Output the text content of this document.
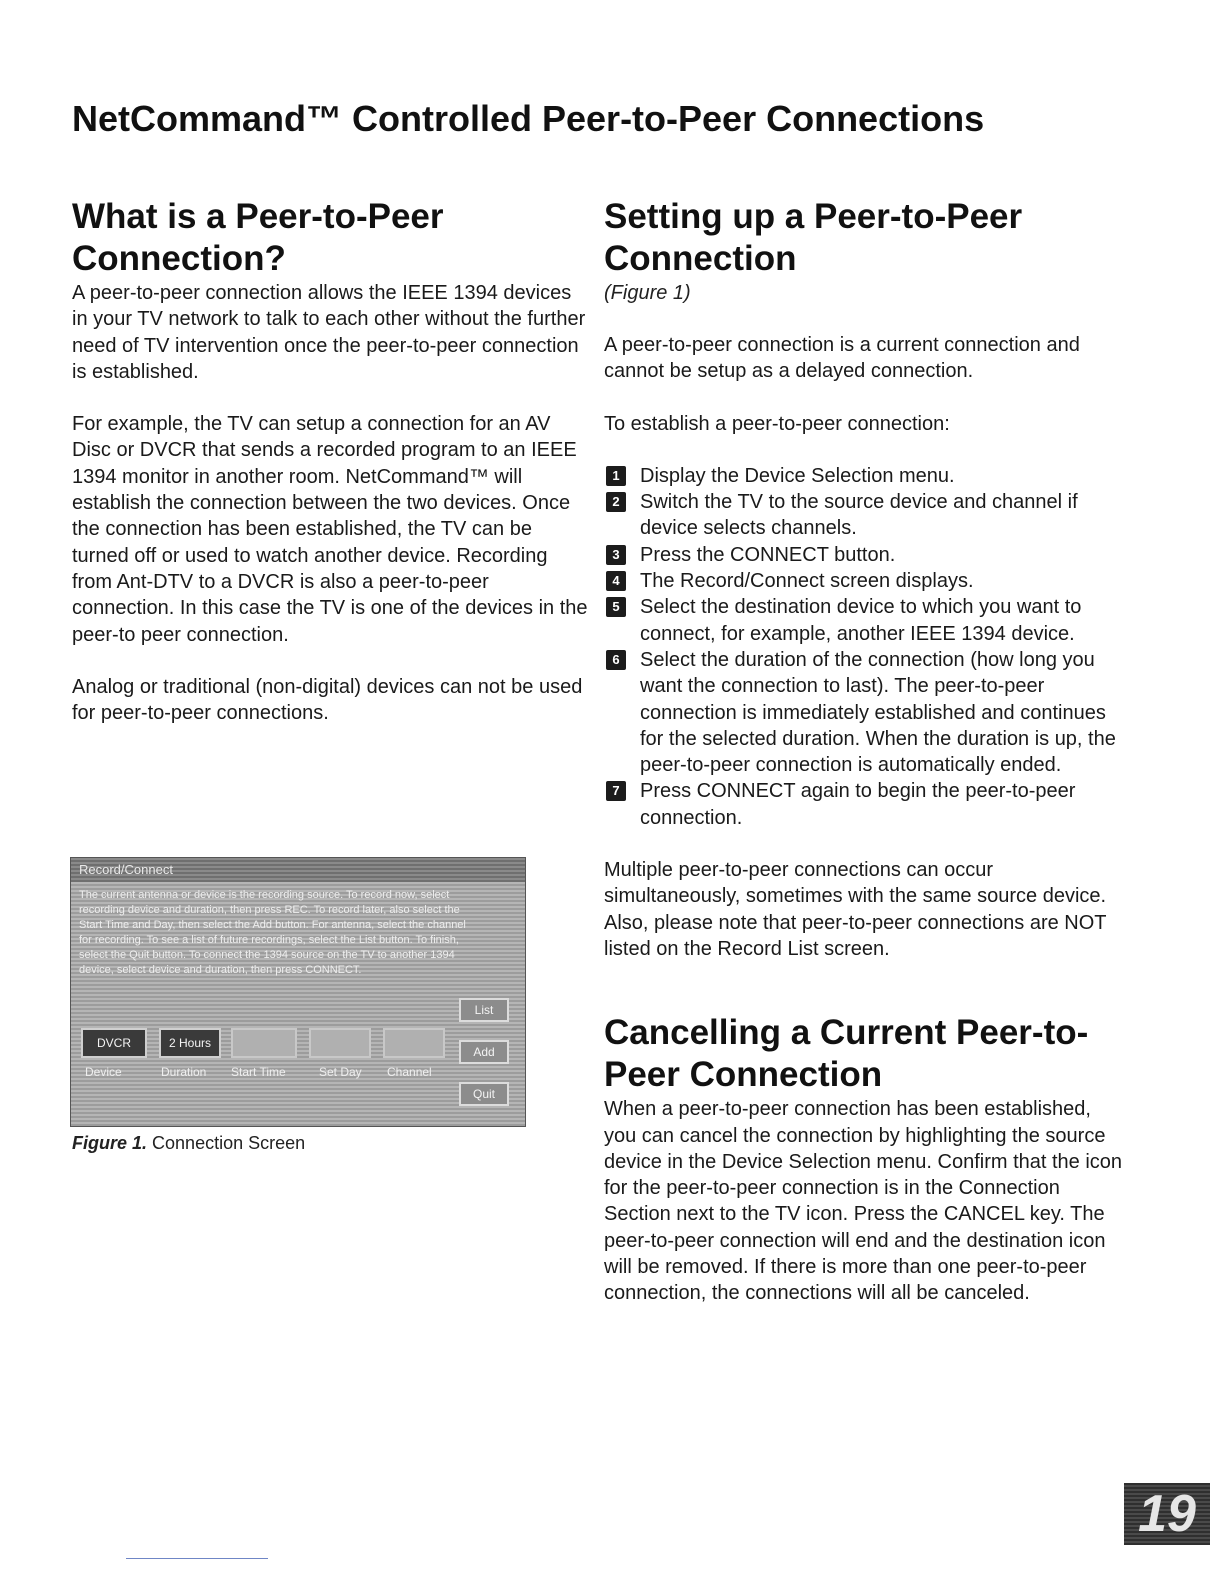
NetCommand™ Controlled Peer-to-Peer Connections
What is a Peer-to-Peer
Connection?

A peer-to-peer connection allows the IEEE 1394 devices in your TV network to talk to each other without the further need of TV intervention once the peer-to-peer connection is established.

For example, the TV can setup a connection for an AV Disc or DVCR that sends a recorded program to an IEEE 1394 monitor in another room. NetCommand™ will establish the connection between the two devices. Once the connection has been established, the TV can be turned off or used to watch another device. Recording from Ant-DTV to a DVCR is also a peer-to-peer connection. In this case the TV is one of the devices in the peer-to peer connection.

Analog or traditional (non-digital) devices can not be used for peer-to-peer connections.

Record/Connect
The current antenna or device is the recording source. To record now, select recording device and duration, then press REC. To record later, also select the Start Time and Day, then select the Add button. For antenna, select the channel for recording. To see a list of future recordings, select the List button. To finish, select the Quit button. To connect the 1394 source on the TV to another 1394 device, select device and duration, then press CONNECT.
List
Add
Quit
DVCR	2 Hours
Device	Duration Start Time	Set Day Channel
Figure 1. Connection Screen
Setting up a Peer-to-Peer
Connection
(Figure 1)

A peer-to-peer connection is a current connection and cannot be setup as a delayed connection.

To establish a peer-to-peer connection:

1	Display the Device Selection menu.
2	Switch the TV to the source device and channel if device selects channels.
3	Press the CONNECT button.
4	The Record/Connect screen displays.
5	Select the destination device to which you want to connect, for example, another IEEE 1394 device.
6	Select the duration of the connection (how long you want the connection to last). The peer-to-peer connection is immediately established and continues for the selected duration. When the duration is up, the peer-to-peer connection is automatically ended.
7	Press CONNECT again to begin the peer-to-peer connection.

Multiple peer-to-peer connections can occur simultaneously, sometimes with the same source device. Also, please note that peer-to-peer connections are NOT listed on the Record List screen.

Cancelling a Current Peer-to-
Peer Connection

When a peer-to-peer connection has been established, you can cancel the connection by highlighting the source device in the Device Selection menu. Confirm that the icon for the peer-to-peer connection is in the Connection Section next to the TV icon. Press the CANCEL key. The peer-to-peer connection will end and the destination icon will be removed. If there is more than one peer-to-peer connection, the connections will all be canceled.

19
